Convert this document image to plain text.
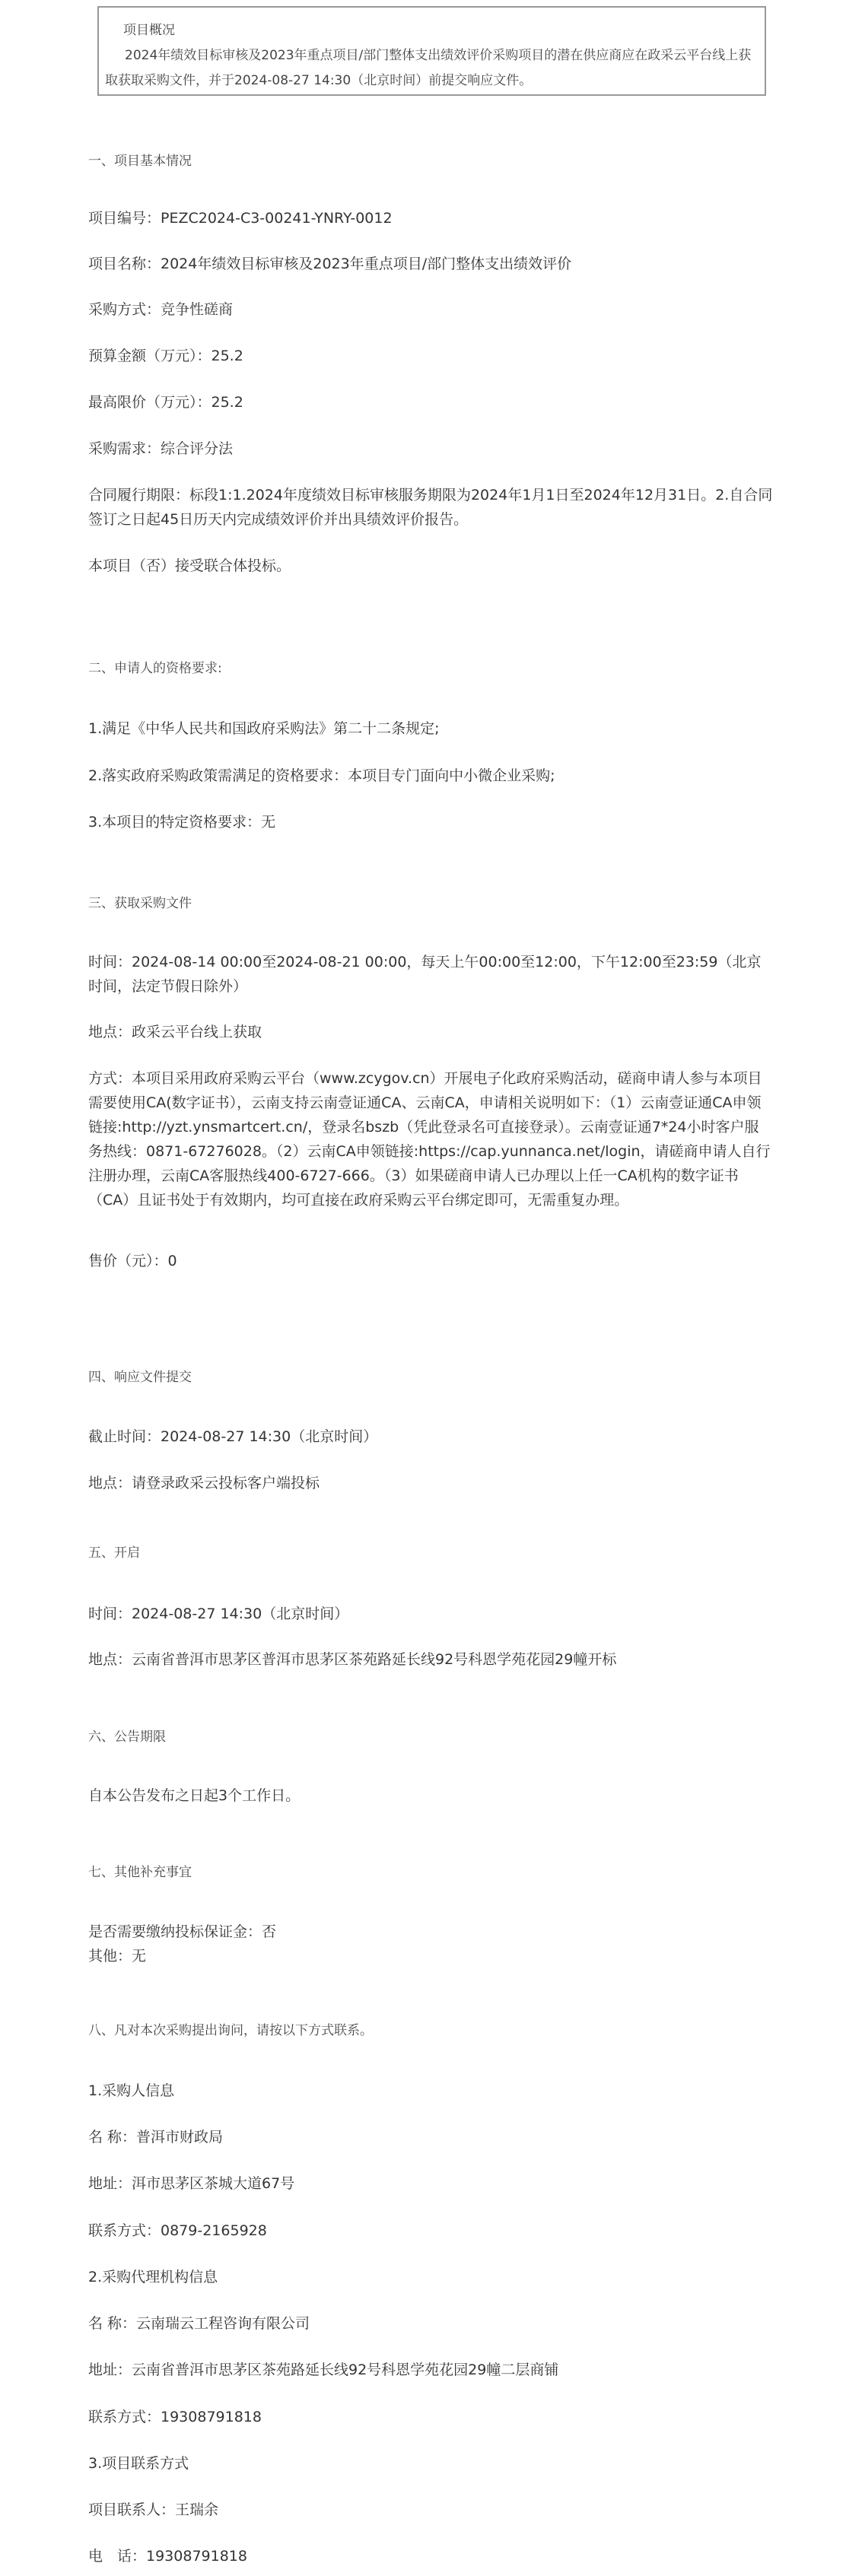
项目概况
2024年绩效目标审核及2023年重点项目/部门整体支出绩效评价采购项目的潜在供应商应在政采云平台线上获取获取采购文件，并于2024-08-27 14:30（北京时间）前提交响应文件。

一、项目基本情况

项目编号：PEZC2024-C3-00241-YNRY-0012

项目名称：2024年绩效目标审核及2023年重点项目/部门整体支出绩效评价

采购方式：竞争性磋商

预算金额（万元）：25.2

最高限价（万元）：25.2

采购需求：综合评分法

合同履行期限：标段1:1.2024年度绩效目标审核服务期限为2024年1月1日至2024年12月31日。2.自合同签订之日起45日历天内完成绩效评价并出具绩效评价报告。

本项目（否）接受联合体投标。

二、申请人的资格要求:

1.满足《中华人民共和国政府采购法》第二十二条规定;

2.落实政府采购政策需满足的资格要求：本项目专门面向中小微企业采购;

3.本项目的特定资格要求：无

三、获取采购文件

时间：2024-08-14 00:00至2024-08-21 00:00，每天上午00:00至12:00，下午12:00至23:59（北京时间，法定节假日除外）

地点：政采云平台线上获取

方式：本项目采用政府采购云平台（www.zcygov.cn）开展电子化政府采购活动，磋商申请人参与本项目需要使用CA(数字证书），云南支持云南壹证通CA、云南CA，申请相关说明如下：（1）云南壹证通CA申领链接:http://yzt.ynsmartcert.cn/，登录名bszb（凭此登录名可直接登录）。云南壹证通7*24小时客户服务热线：0871-67276028。（2）云南CA申领链接:https://cap.yunnanca.net/login，请磋商申请人自行注册办理，云南CA客服热线400-6727-666。（3）如果磋商申请人已办理以上任一CA机构的数字证书（CA）且证书处于有效期内，均可直接在政府采购云平台绑定即可，无需重复办理。

售价（元）：0

四、响应文件提交

截止时间：2024-08-27 14:30（北京时间）

地点：请登录政采云投标客户端投标

五、开启

时间：2024-08-27 14:30（北京时间）

地点：云南省普洱市思茅区普洱市思茅区茶苑路延长线92号科恩学苑花园29幢开标

六、公告期限

自本公告发布之日起3个工作日。

七、其他补充事宜

是否需要缴纳投标保证金：否

其他：无

八、凡对本次采购提出询问，请按以下方式联系。

1.采购人信息

名 称：普洱市财政局

地址：洱市思茅区茶城大道67号

联系方式：0879-2165928

2.采购代理机构信息

名 称：云南瑞云工程咨询有限公司

地址：云南省普洱市思茅区茶苑路延长线92号科恩学苑花园29幢二层商铺

联系方式：19308791818

3.项目联系方式

项目联系人：王瑞余

电　话：19308791818
